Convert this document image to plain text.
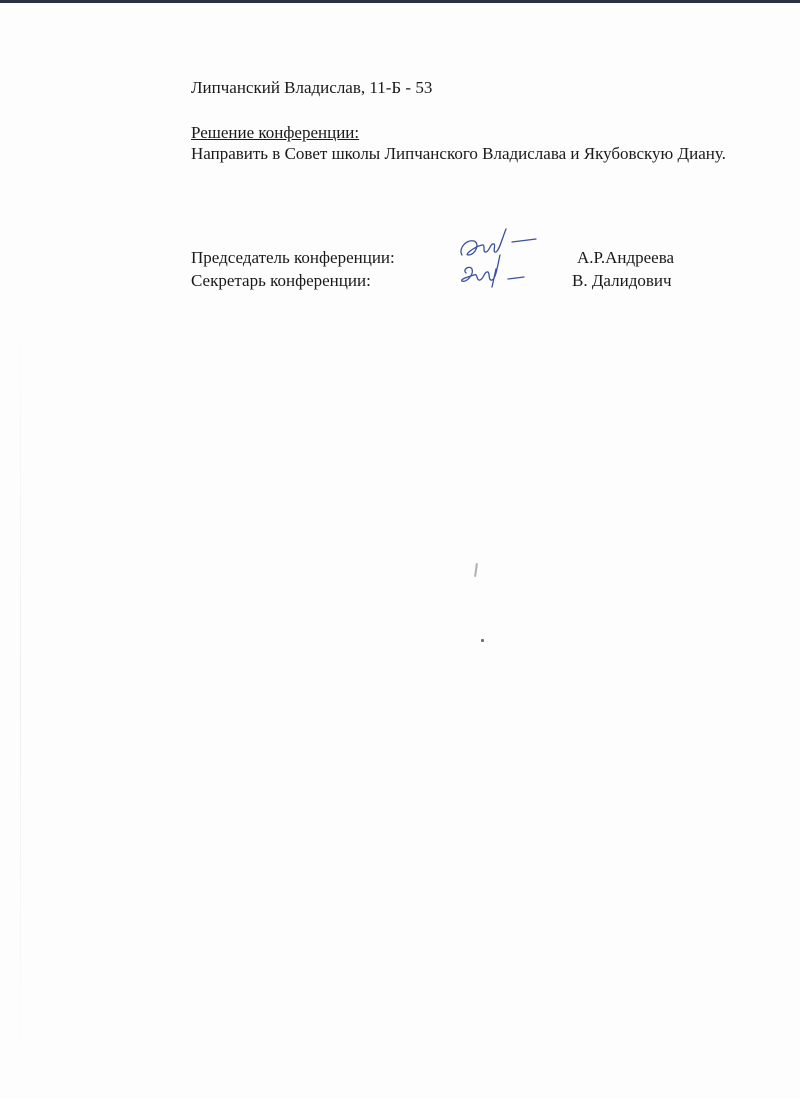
Липчанский Владислав, 11-Б - 53
Решение конференции:
Направить в Совет школы Липчанского Владислава и Якубовскую Диану.
Председатель конференции:
Секретарь конференции:
А.Р.Андреева
В. Далидович
